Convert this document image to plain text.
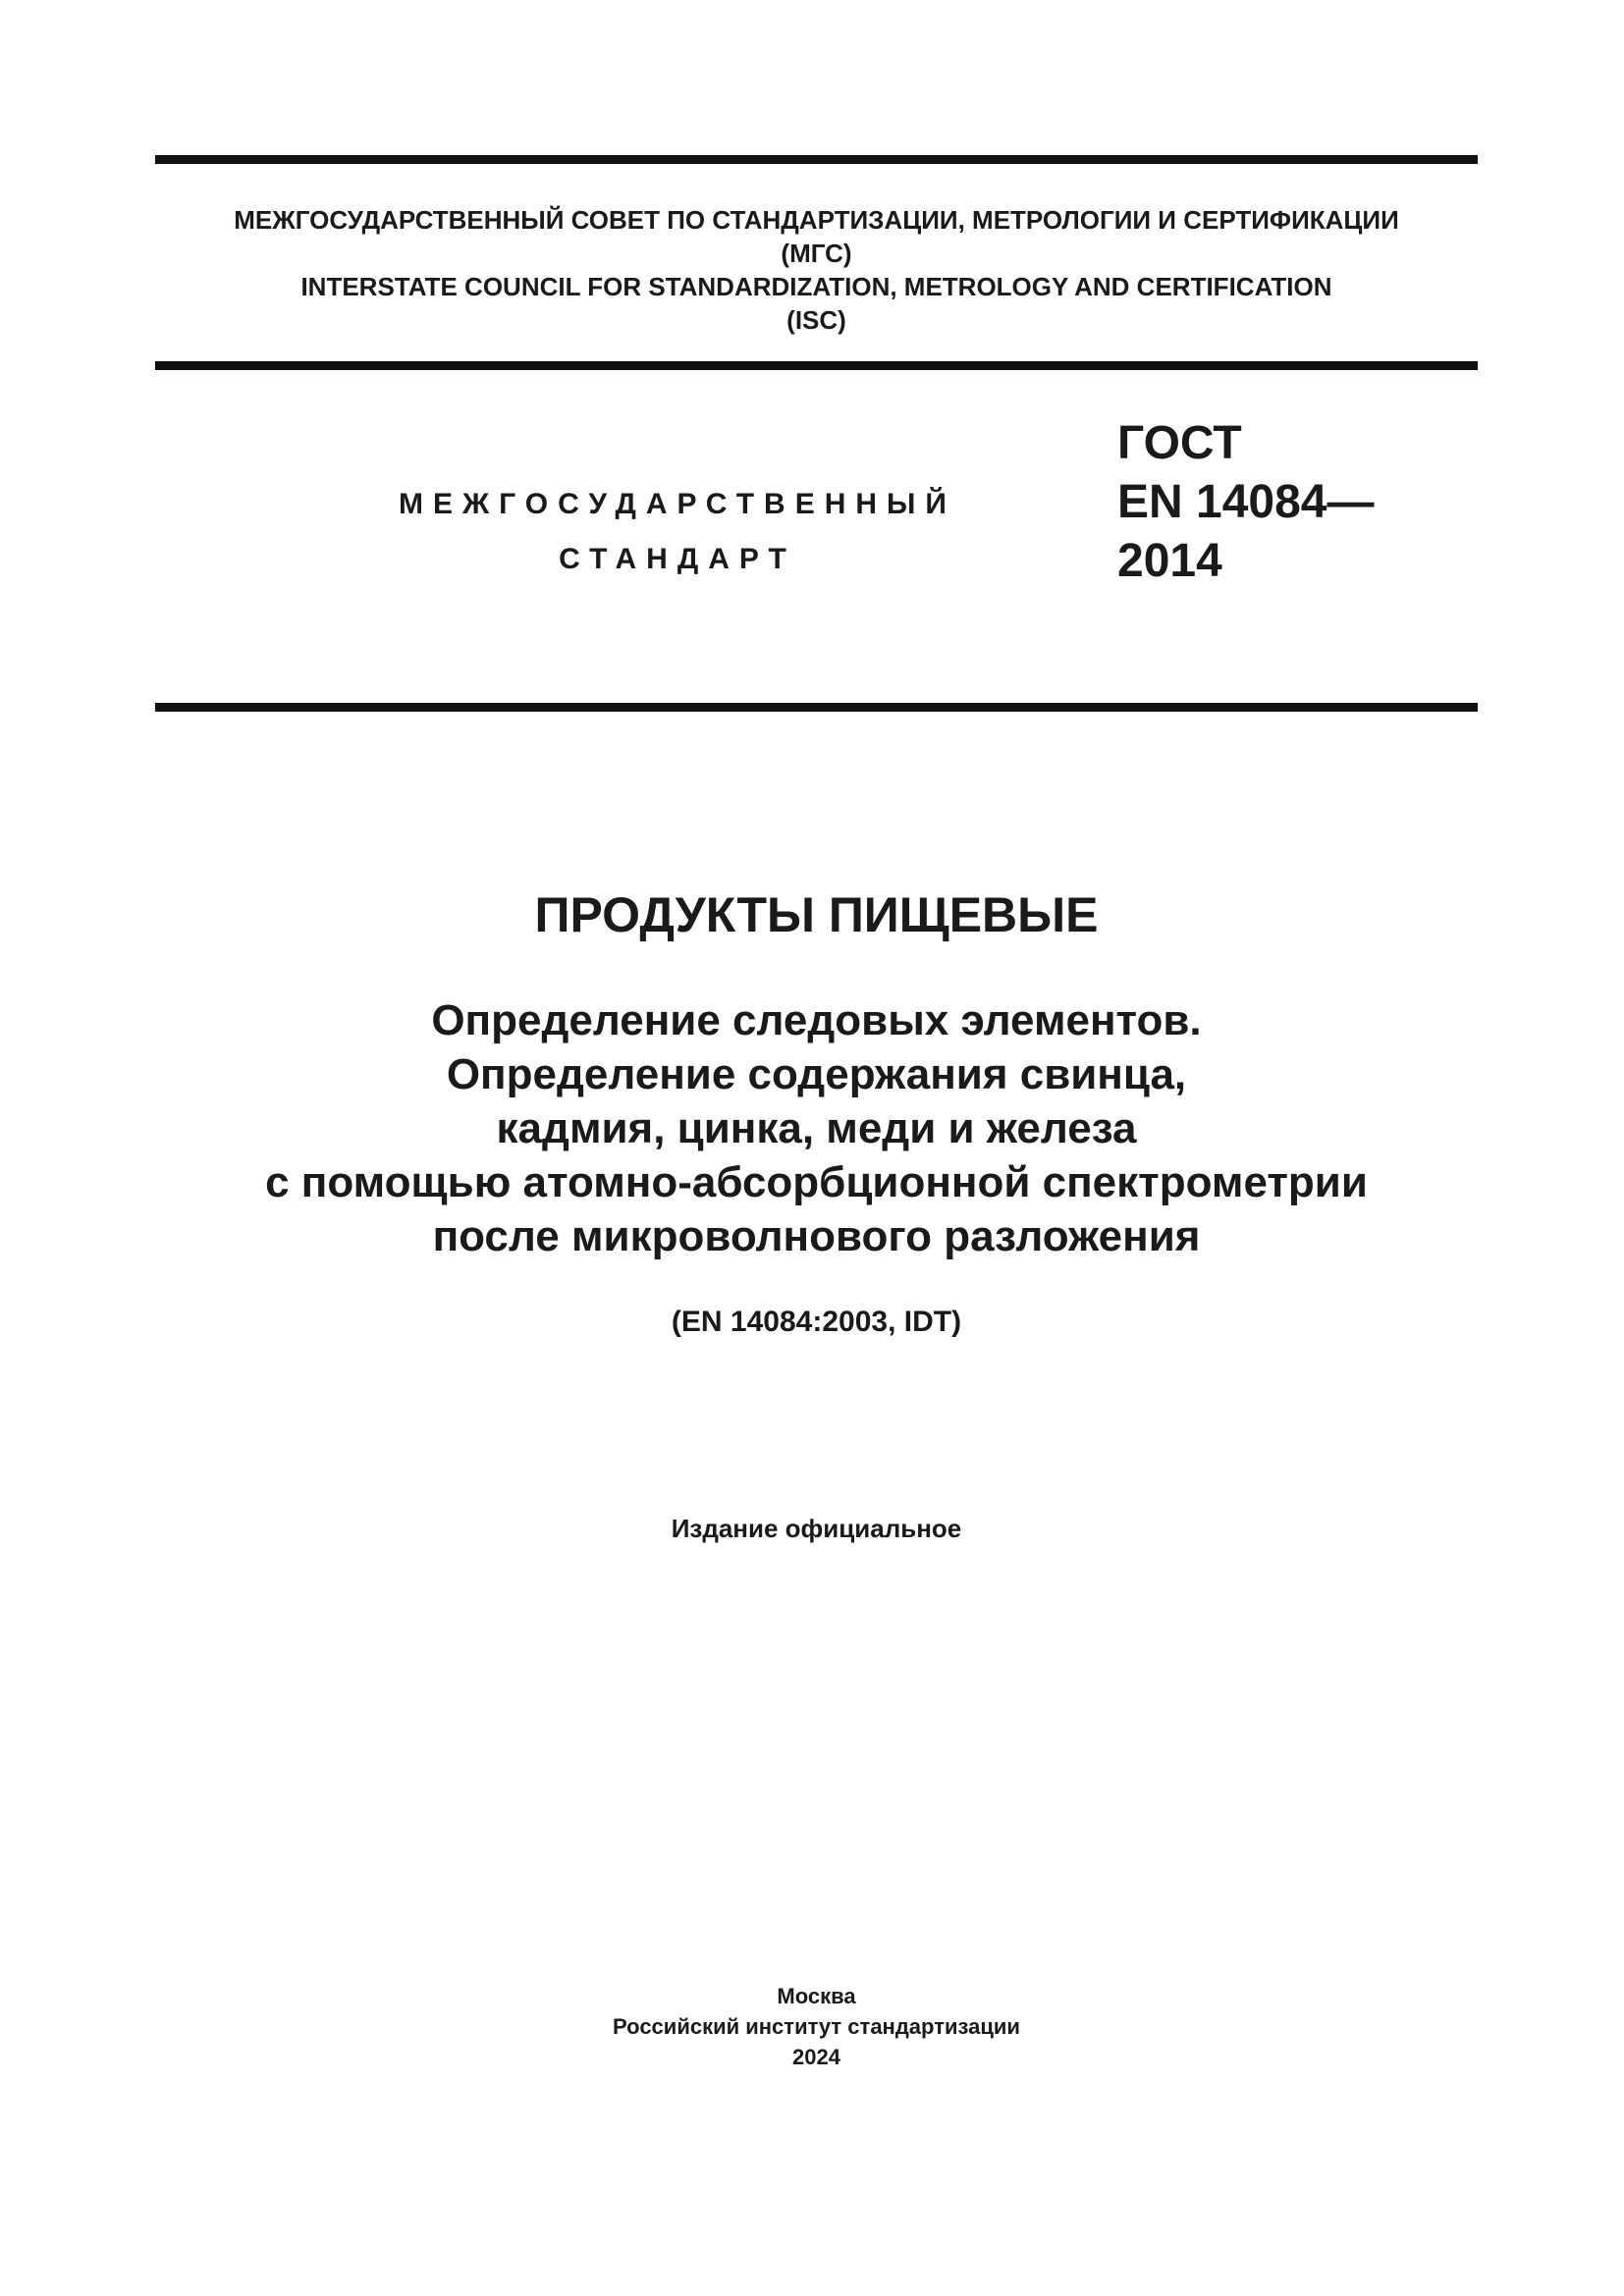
МЕЖГОСУДАРСТВЕННЫЙ СОВЕТ ПО СТАНДАРТИЗАЦИИ, МЕТРОЛОГИИ И СЕРТИФИКАЦИИ
(МГС)
INTERSTATE COUNCIL FOR STANDARDIZATION, METROLOGY AND CERTIFICATION
(ISC)
МЕЖГОСУДАРСТВЕННЫЙ
СТАНДАРТ
ГОСТ
EN 14084—
2014
ПРОДУКТЫ ПИЩЕВЫЕ
Определение следовых элементов.
Определение содержания свинца,
кадмия, цинка, меди и железа
с помощью атомно-абсорбционной спектрометрии
после микроволнового разложения
(EN 14084:2003, IDT)
Издание официальное
Москва
Российский институт стандартизации
2024
